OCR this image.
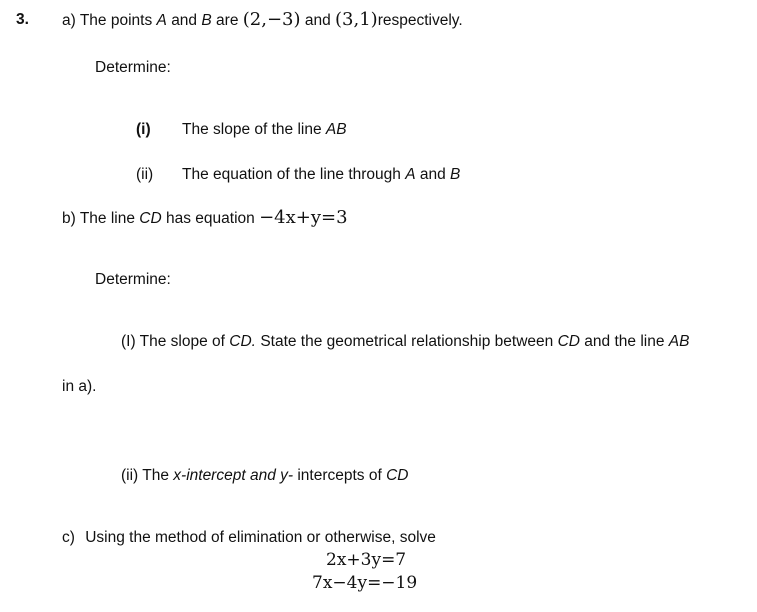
3. a) The points A and B are (2,−3) and (3,1)respectively.
Determine:
(i) The slope of the line AB
(ii) The equation of the line through A and B
b) The line CD has equation −4x+y=3
Determine:
(I) The slope of CD. State the geometrical relationship between CD and the line AB
in a).
(ii) The x-intercept and y- intercepts of CD
c) Using the method of elimination or otherwise, solve
2x+3y=7
7x−4y=−19
